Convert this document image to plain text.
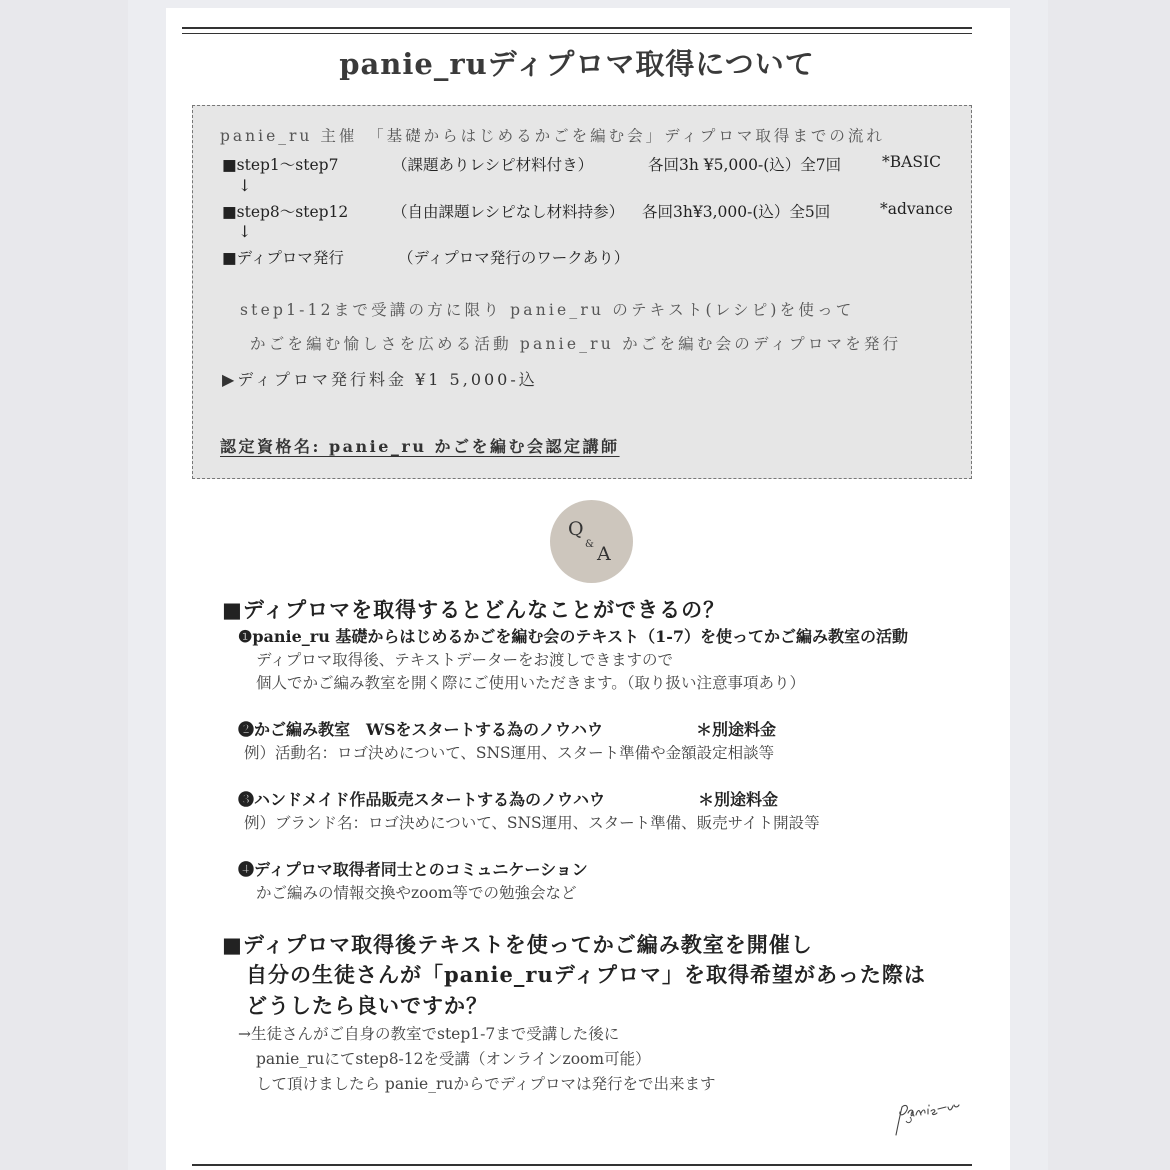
panie_ruディプロマ取得について
panie_ru 主催　「基礎からはじめるかごを編む会」ディプロマ取得までの流れ
■step1〜step7	（課題ありレシピ材料付き）	各回3h ¥5,000-(込）全7回	*BASIC
↓
■step8〜step12	（自由課題レシピなし材料持参） 各回3h¥3,000-(込）全5回	*advance
↓
■ディプロマ発行	（ディプロマ発行のワークあり）
step1-12まで受講の方に限り panie_ru のテキスト(レシピ)を使って
かごを編む愉しさを広める活動 panie_ru かごを編む会のディプロマを発行
▶ディプロマ発行料金 ¥1 5,000-込
認定資格名: panie_ru かごを編む会認定講師
Q
& A
■ディプロマを取得するとどんなことができるの？
❶panie_ru 基礎からはじめるかごを編む会のテキスト（1-7）を使ってかご編み教室の活動
ディプロマ取得後、テキストデーターをお渡しできますので
個人でかご編み教室を開く際にご使用いただきます。（取り扱い注意事項あり）
❷かご編み教室　WSをスタートする為のノウハウ	＊別途料金
例）活動名：ロゴ決めについて、SNS運用、スタート準備や金額設定相談等
❸ハンドメイド作品販売スタートする為のノウハウ	＊別途料金
例）ブランド名：ロゴ決めについて、SNS運用、スタート準備、販売サイト開設等
❹ディプロマ取得者同士とのコミュニケーション
かご編みの情報交換やzoom等での勉強会など
■ディプロマ取得後テキストを使ってかご編み教室を開催し
自分の生徒さんが「panie_ruディプロマ」を取得希望があった際は
どうしたら良いですか？
→生徒さんがご自身の教室でstep1-7まで受講した後に
panie_ruにてstep8-12を受講（オンラインzoom可能）
して頂けましたら panie_ruからでディプロマは発行をで出来ます
